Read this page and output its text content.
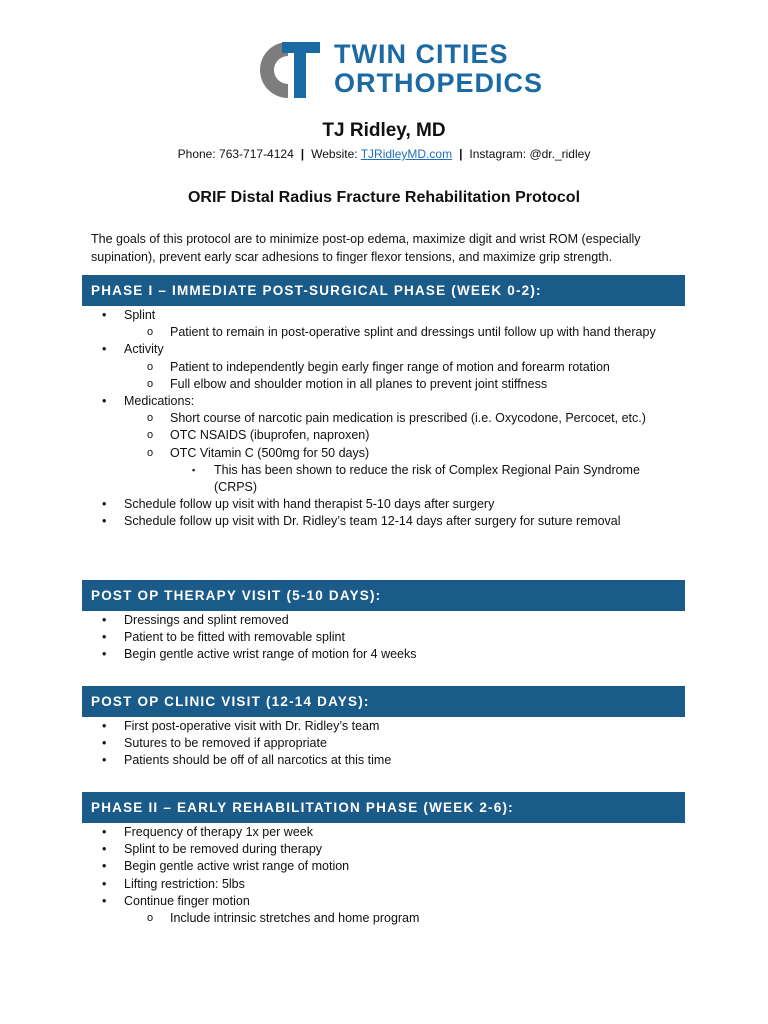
TWIN CITIES
ORTHOPEDICS
TJ Ridley, MD
Phone: 763-717-4124 | Website: TJRidleyMD.com | Instagram: @dr._ridley
ORIF Distal Radius Fracture Rehabilitation Protocol
The goals of this protocol are to minimize post-op edema, maximize digit and wrist ROM (especially supination), prevent early scar adhesions to finger flexor tensions, and maximize grip strength.
PHASE I – IMMEDIATE POST-SURGICAL PHASE (WEEK 0-2):
• Splint
o Patient to remain in post-operative splint and dressings until follow up with hand therapy
• Activity
o Patient to independently begin early finger range of motion and forearm rotation
o Full elbow and shoulder motion in all planes to prevent joint stiffness
• Medications:
o Short course of narcotic pain medication is prescribed (i.e. Oxycodone, Percocet, etc.)
o OTC NSAIDS (ibuprofen, naproxen)
o OTC Vitamin C (500mg for 50 days)
▪ This has been shown to reduce the risk of Complex Regional Pain Syndrome (CRPS)
• Schedule follow up visit with hand therapist 5-10 days after surgery
• Schedule follow up visit with Dr. Ridley’s team 12-14 days after surgery for suture removal
POST OP THERAPY VISIT (5-10 DAYS):
• Dressings and splint removed
• Patient to be fitted with removable splint
• Begin gentle active wrist range of motion for 4 weeks
POST OP CLINIC VISIT (12-14 DAYS):
• First post-operative visit with Dr. Ridley’s team
• Sutures to be removed if appropriate
• Patients should be off of all narcotics at this time
PHASE II – EARLY REHABILITATION PHASE (WEEK 2-6):
• Frequency of therapy 1x per week
• Splint to be removed during therapy
• Begin gentle active wrist range of motion
• Lifting restriction: 5lbs
• Continue finger motion
o Include intrinsic stretches and home program
